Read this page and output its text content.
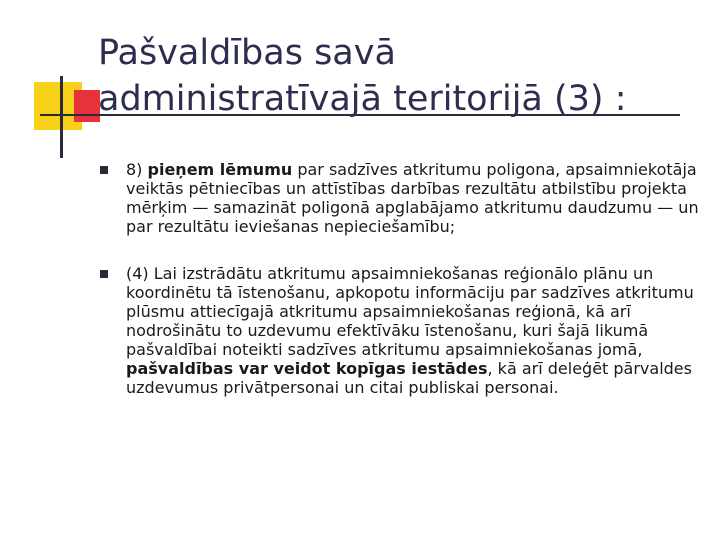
Pašvaldības savā
administratīvajā teritorijā (3) :
8) pieņem lēmumu par sadzīves atkritumu poligona, apsaimniekotāja veiktās pētniecības un attīstības darbības rezultātu atbilstību projekta mērķim — samazināt poligonā apglabājamo atkritumu daudzumu — un par rezultātu ieviešanas nepieciešamību;
(4) Lai izstrādātu atkritumu apsaimniekošanas reģionālo plānu un koordinētu tā īstenošanu, apkopotu informāciju par sadzīves atkritumu plūsmu attiecīgajā atkritumu apsaimniekošanas reģionā, kā arī nodrošinātu to uzdevumu efektīvāku īstenošanu, kuri šajā likumā pašvaldībai noteikti sadzīves atkritumu apsaimniekošanas jomā, pašvaldības var veidot kopīgas iestādes, kā arī deleģēt pārvaldes uzdevumus privātpersonai un citai publiskai personai.
